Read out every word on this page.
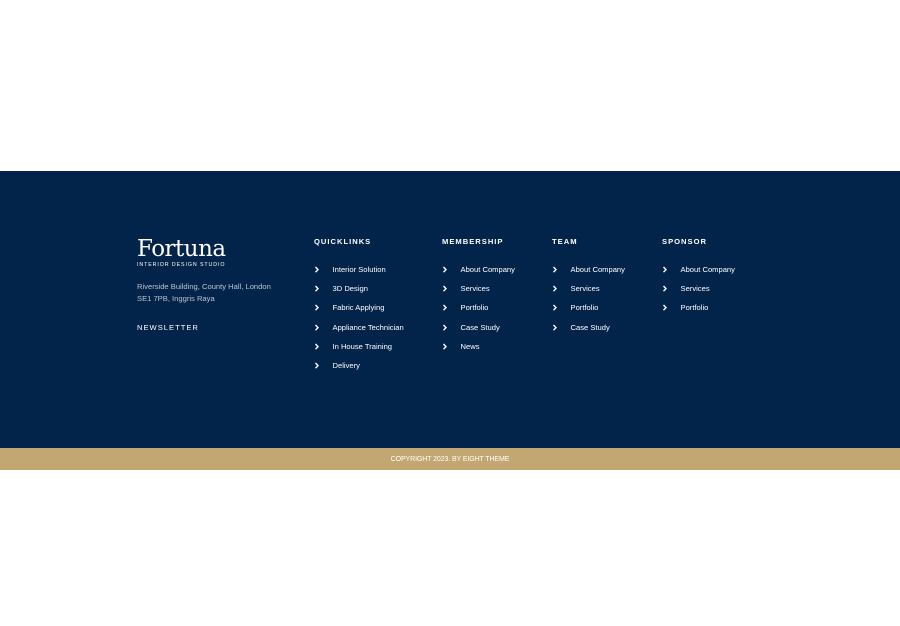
Fortuna
INTERIOR DESIGN STUDIO
Riverside Building, County Hall, London
SE1 7PB, Inggris Raya
NEWSLETTER
QUICKLINKS
Interior Solution
3D Design
Fabric Applying
Appliance Technician
In House Training
Delivery
MEMBERSHIP
About Company
Services
Portfolio
Case Study
News
TEAM
About Company
Services
Portfolio
Case Study
SPONSOR
About Company
Services
Portfolio
COPYRIGHT 2023. BY EIGHT THEME
